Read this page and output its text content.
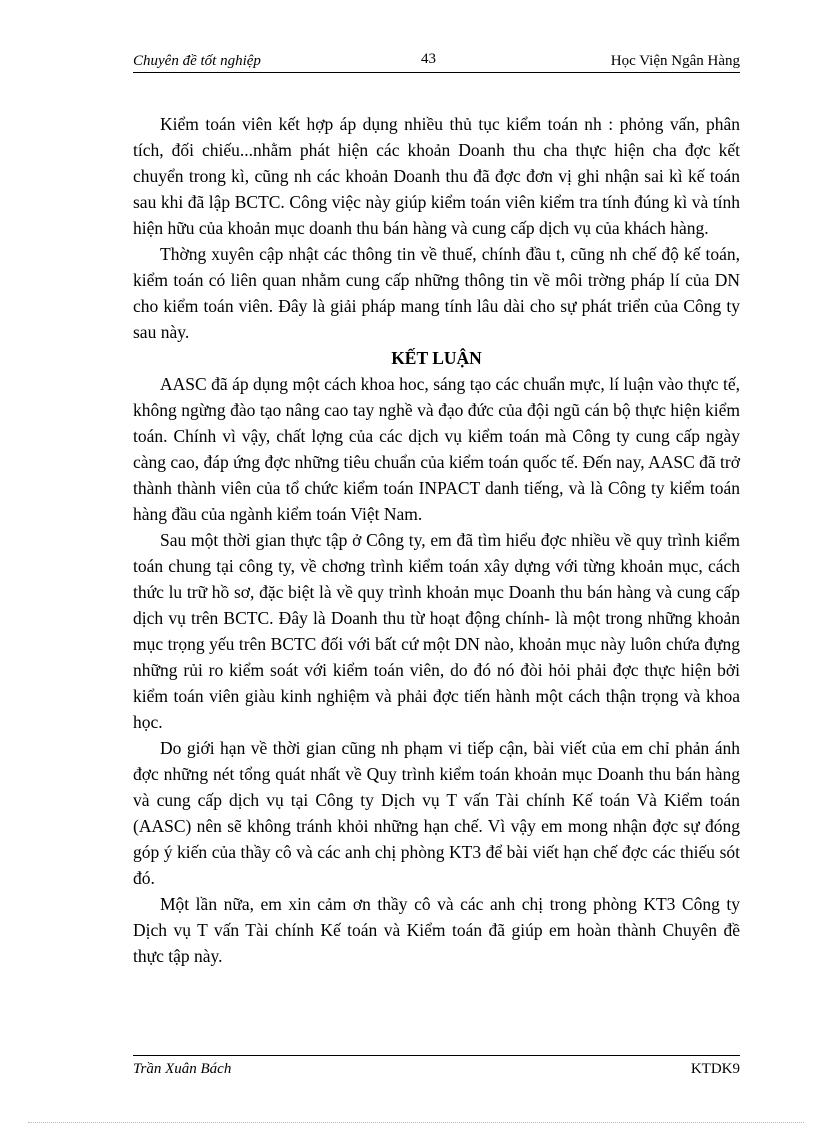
Chuyên đề tốt nghiệp	43	Học Viện Ngân Hàng

Kiểm toán viên kết hợp áp dụng nhiều thủ tục kiểm toán nh : phỏng vấn, phân tích, đối chiếu...nhằm phát hiện các khoản Doanh thu cha thực hiện cha đợc kết chuyển trong kì, cũng nh các khoản Doanh thu đã đợc đơn vị ghi nhận sai kì kế toán sau khi đã lập BCTC. Công việc này giúp kiểm toán viên kiểm tra tính đúng kì và tính hiện hữu của khoản mục doanh thu bán hàng và cung cấp dịch vụ của khách hàng.

Thờng xuyên cập nhật các thông tin về thuế, chính đầu t, cũng nh chế độ kế toán, kiểm toán có liên quan nhằm cung cấp những thông tin về môi trờng pháp lí của DN cho kiểm toán viên. Đây là giải pháp mang tính lâu dài cho sự phát triển của Công ty sau này.

KẾT LUẬN

AASC đã áp dụng một cách khoa hoc, sáng tạo các chuẩn mực, lí luận vào thực tế, không ngừng đào tạo nâng cao tay nghề và đạo đức của đội ngũ cán bộ thực hiện kiểm toán. Chính vì vậy, chất lợng của các dịch vụ kiểm toán mà Công ty cung cấp ngày càng cao, đáp ứng đợc những tiêu chuẩn của kiểm toán quốc tế. Đến nay, AASC đã trở thành thành viên của tổ chức kiểm toán INPACT danh tiếng, và là Công ty kiểm toán hàng đầu của ngành kiểm toán Việt Nam.

Sau một thời gian thực tập ở Công ty, em đã tìm hiểu đợc nhiều về quy trình kiểm toán chung tại công ty, về chơng trình kiểm toán xây dựng với từng khoản mục, cách thức lu trữ hồ sơ, đặc biệt là về quy trình khoản mục Doanh thu bán hàng và cung cấp dịch vụ trên BCTC. Đây là Doanh thu từ hoạt động chính- là một trong những khoản mục trọng yếu trên BCTC đối với bất cứ một DN nào, khoản mục này luôn chứa đựng những rủi ro kiểm soát với kiểm toán viên, do đó nó đòi hỏi phải đợc thực hiện bởi kiểm toán viên giàu kinh nghiệm và phải đợc tiến hành một cách thận trọng và khoa học.

Do giới hạn về thời gian cũng nh phạm vi tiếp cận, bài viết của em chỉ phản ánh đợc những nét tổng quát nhất về Quy trình kiểm toán khoản mục Doanh thu bán hàng và cung cấp dịch vụ tại Công ty Dịch vụ T vấn Tài chính Kế toán Và Kiểm toán (AASC) nên sẽ không tránh khỏi những hạn chế. Vì vậy em mong nhận đợc sự đóng góp ý kiến của thầy cô và các anh chị phòng KT3 để bài viết hạn chế đợc các thiếu sót đó.

Một lần nữa, em xin cảm ơn thầy cô và các anh chị trong phòng KT3 Công ty Dịch vụ T vấn Tài chính Kế toán và Kiểm toán đã giúp em hoàn thành Chuyên đề thực tập này.

Trần Xuân Bách	KTDK9
